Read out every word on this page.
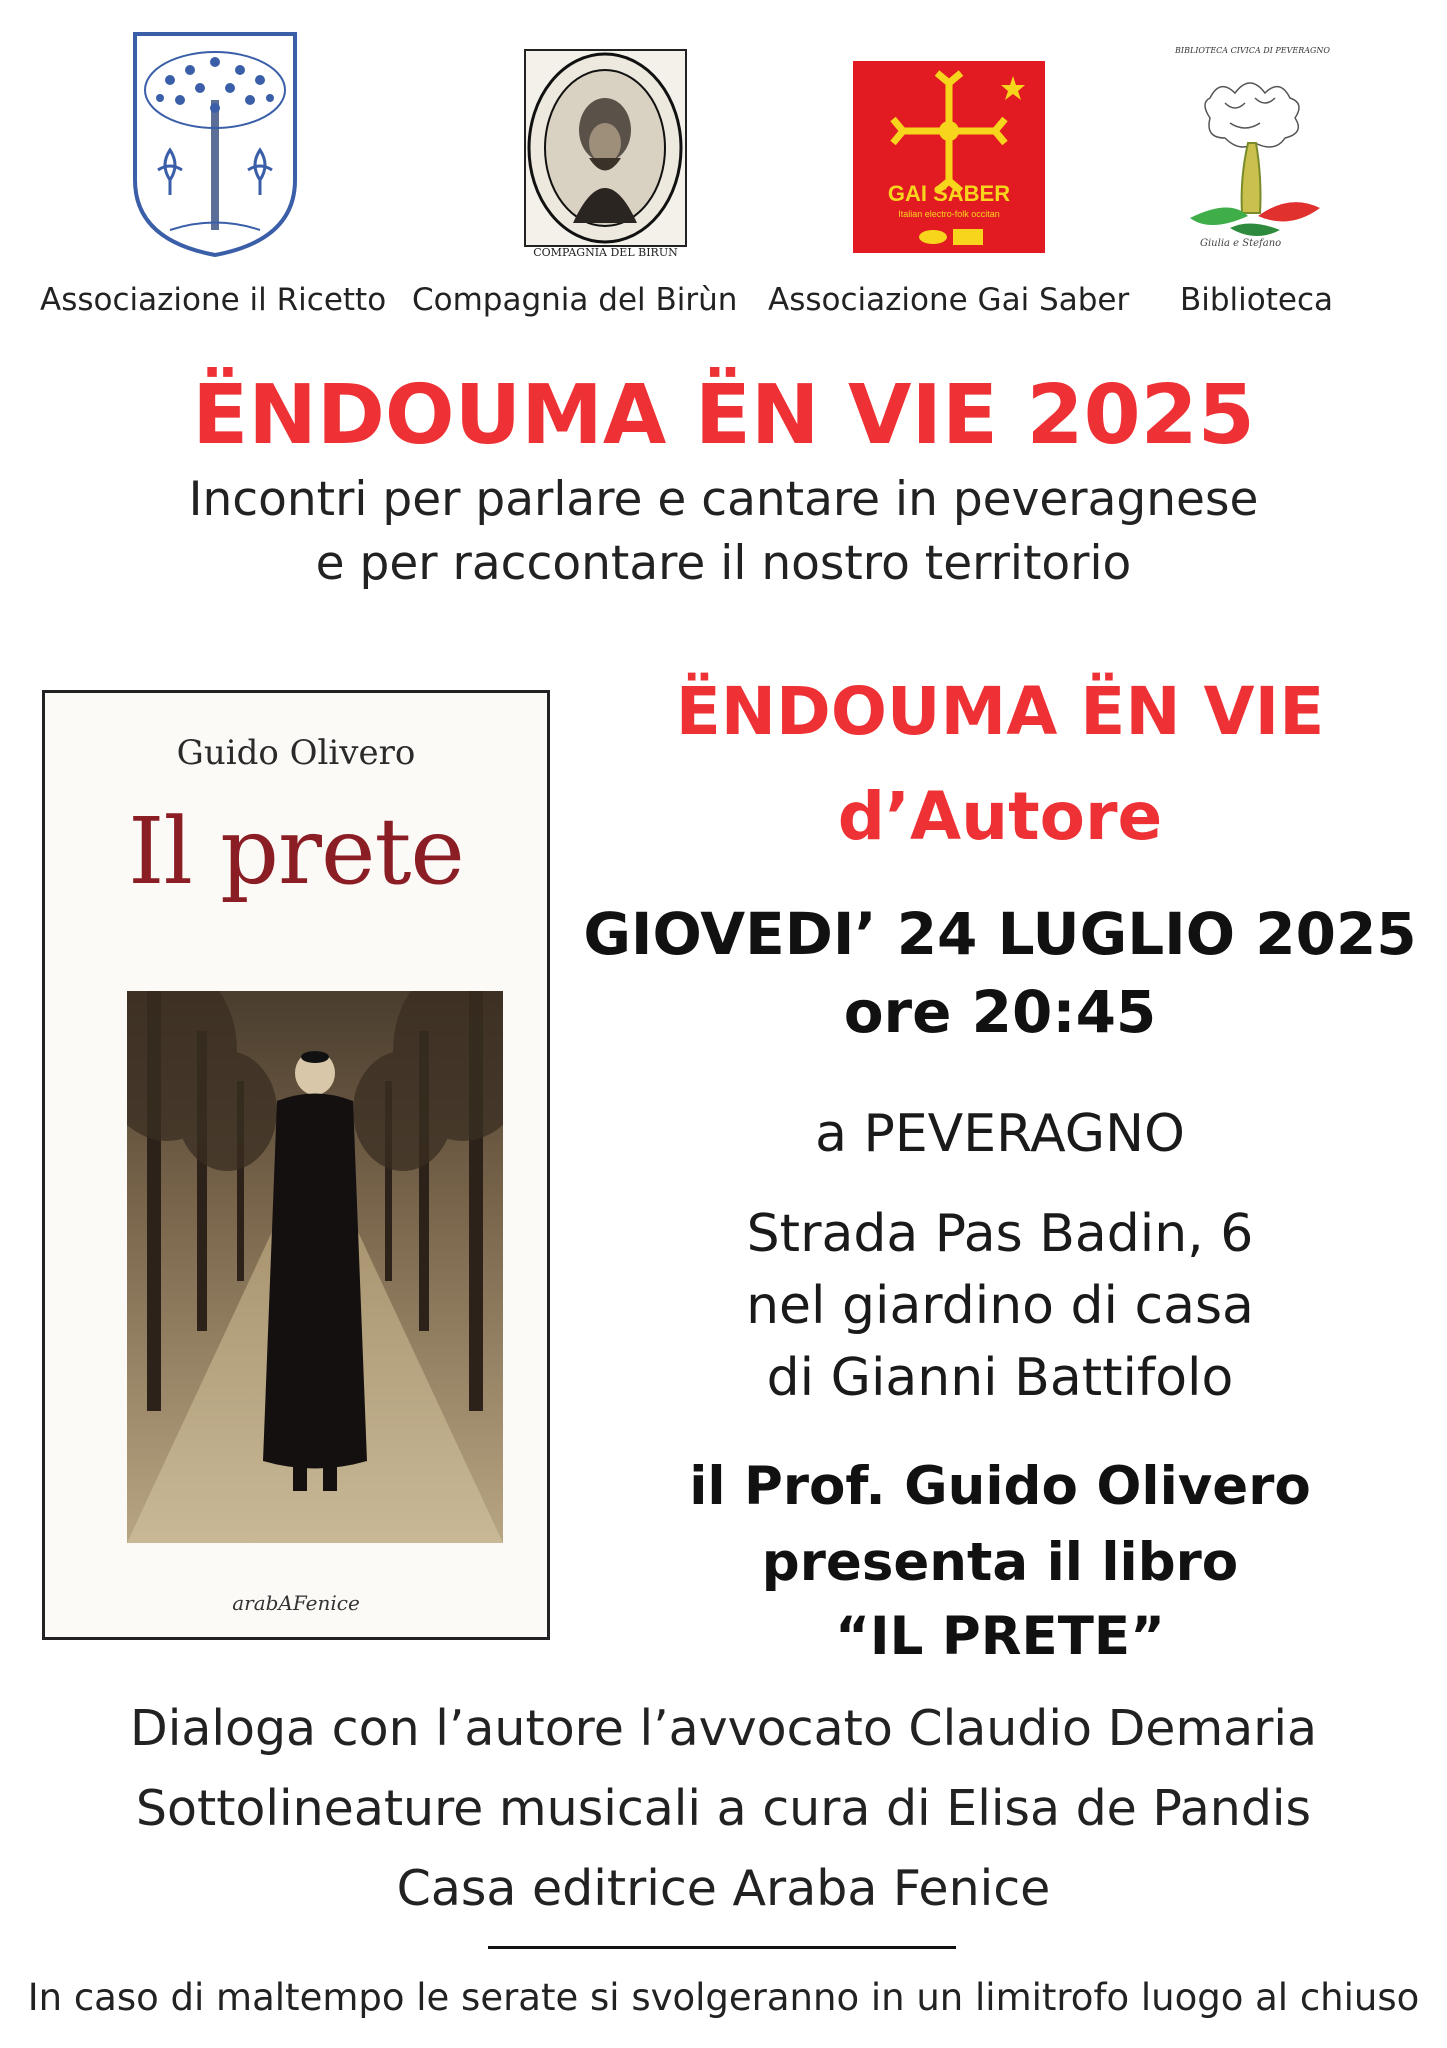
COMPAGNIA DEL BIRÙN
GAI SABER
Italian electro-folk occitan
BIBLIOTECA CIVICA DI PEVERAGNO
Giulia e Stefano
Associazione il Ricetto Compagnia del Birùn Associazione Gai Saber Biblioteca
ËNDOUMA ËN VIE 2025
Incontri per parlare e cantare in peveragnese
e per raccontare il nostro territorio
Guido Olivero
Il prete
arabAFenice
ËNDOUMA ËN VIE
d’Autore
GIOVEDI’ 24 LUGLIO 2025
ore 20:45
a PEVERAGNO
Strada Pas Badin, 6
nel giardino di casa
di Gianni Battifolo
il Prof. Guido Olivero
presenta il libro
“IL PRETE”
Dialoga con l’autore l’avvocato Claudio Demaria
Sottolineature musicali a cura di Elisa de Pandis
Casa editrice Araba Fenice
In caso di maltempo le serate si svolgeranno in un limitrofo luogo al chiuso
